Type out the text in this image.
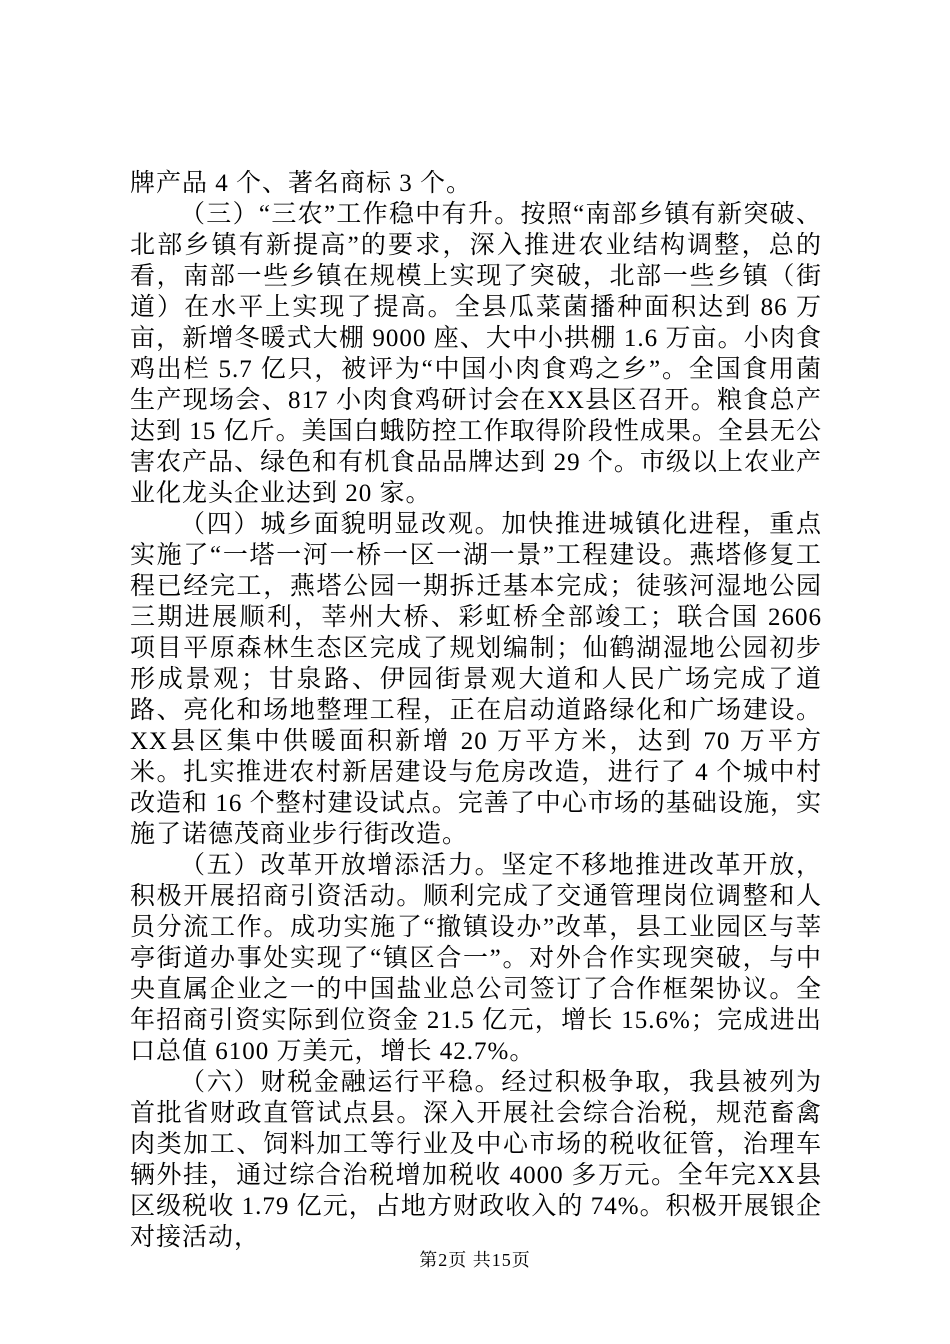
牌产品 4 个、著名商标 3 个。

（三）“三农”工作稳中有升。按照“南部乡镇有新突破、北部乡镇有新提高”的要求，深入推进农业结构调整，总的看，南部一些乡镇在规模上实现了突破，北部一些乡镇（街道）在水平上实现了提高。全县瓜菜菌播种面积达到 86 万亩，新增冬暖式大棚 9000 座、大中小拱棚 1.6 万亩。小肉食鸡出栏 5.7 亿只，被评为“中国小肉食鸡之乡”。全国食用菌生产现场会、817 小肉食鸡研讨会在XX县区召开。粮食总产达到 15 亿斤。美国白蛾防控工作取得阶段性成果。全县无公害农产品、绿色和有机食品品牌达到 29 个。市级以上农业产业化龙头企业达到 20 家。

（四）城乡面貌明显改观。加快推进城镇化进程，重点实施了“一塔一河一桥一区一湖一景”工程建设。燕塔修复工程已经完工，燕塔公园一期拆迁基本完成；徒骇河湿地公园三期进展顺利，莘州大桥、彩虹桥全部竣工；联合国 2606 项目平原森林生态区完成了规划编制；仙鹤湖湿地公园初步形成景观；甘泉路、伊园街景观大道和人民广场完成了道路、亮化和场地整理工程，正在启动道路绿化和广场建设。XX县区集中供暖面积新增 20 万平方米，达到 70 万平方米。扎实推进农村新居建设与危房改造，进行了 4 个城中村改造和 16 个整村建设试点。完善了中心市场的基础设施，实施了诺德茂商业步行街改造。

（五）改革开放增添活力。坚定不移地推进改革开放，积极开展招商引资活动。顺利完成了交通管理岗位调整和人员分流工作。成功实施了“撤镇设办”改革，县工业园区与莘亭街道办事处实现了“镇区合一”。对外合作实现突破，与中央直属企业之一的中国盐业总公司签订了合作框架协议。全年招商引资实际到位资金 21.5 亿元，增长 15.6%；完成进出口总值 6100 万美元，增长 42.7%。

（六）财税金融运行平稳。经过积极争取，我县被列为首批省财政直管试点县。深入开展社会综合治税，规范畜禽肉类加工、饲料加工等行业及中心市场的税收征管，治理车辆外挂，通过综合治税增加税收 4000 多万元。全年完XX县区级税收 1.79 亿元，占地方财政收入的 74%。积极开展银企对接活动，

第2页 共15页
